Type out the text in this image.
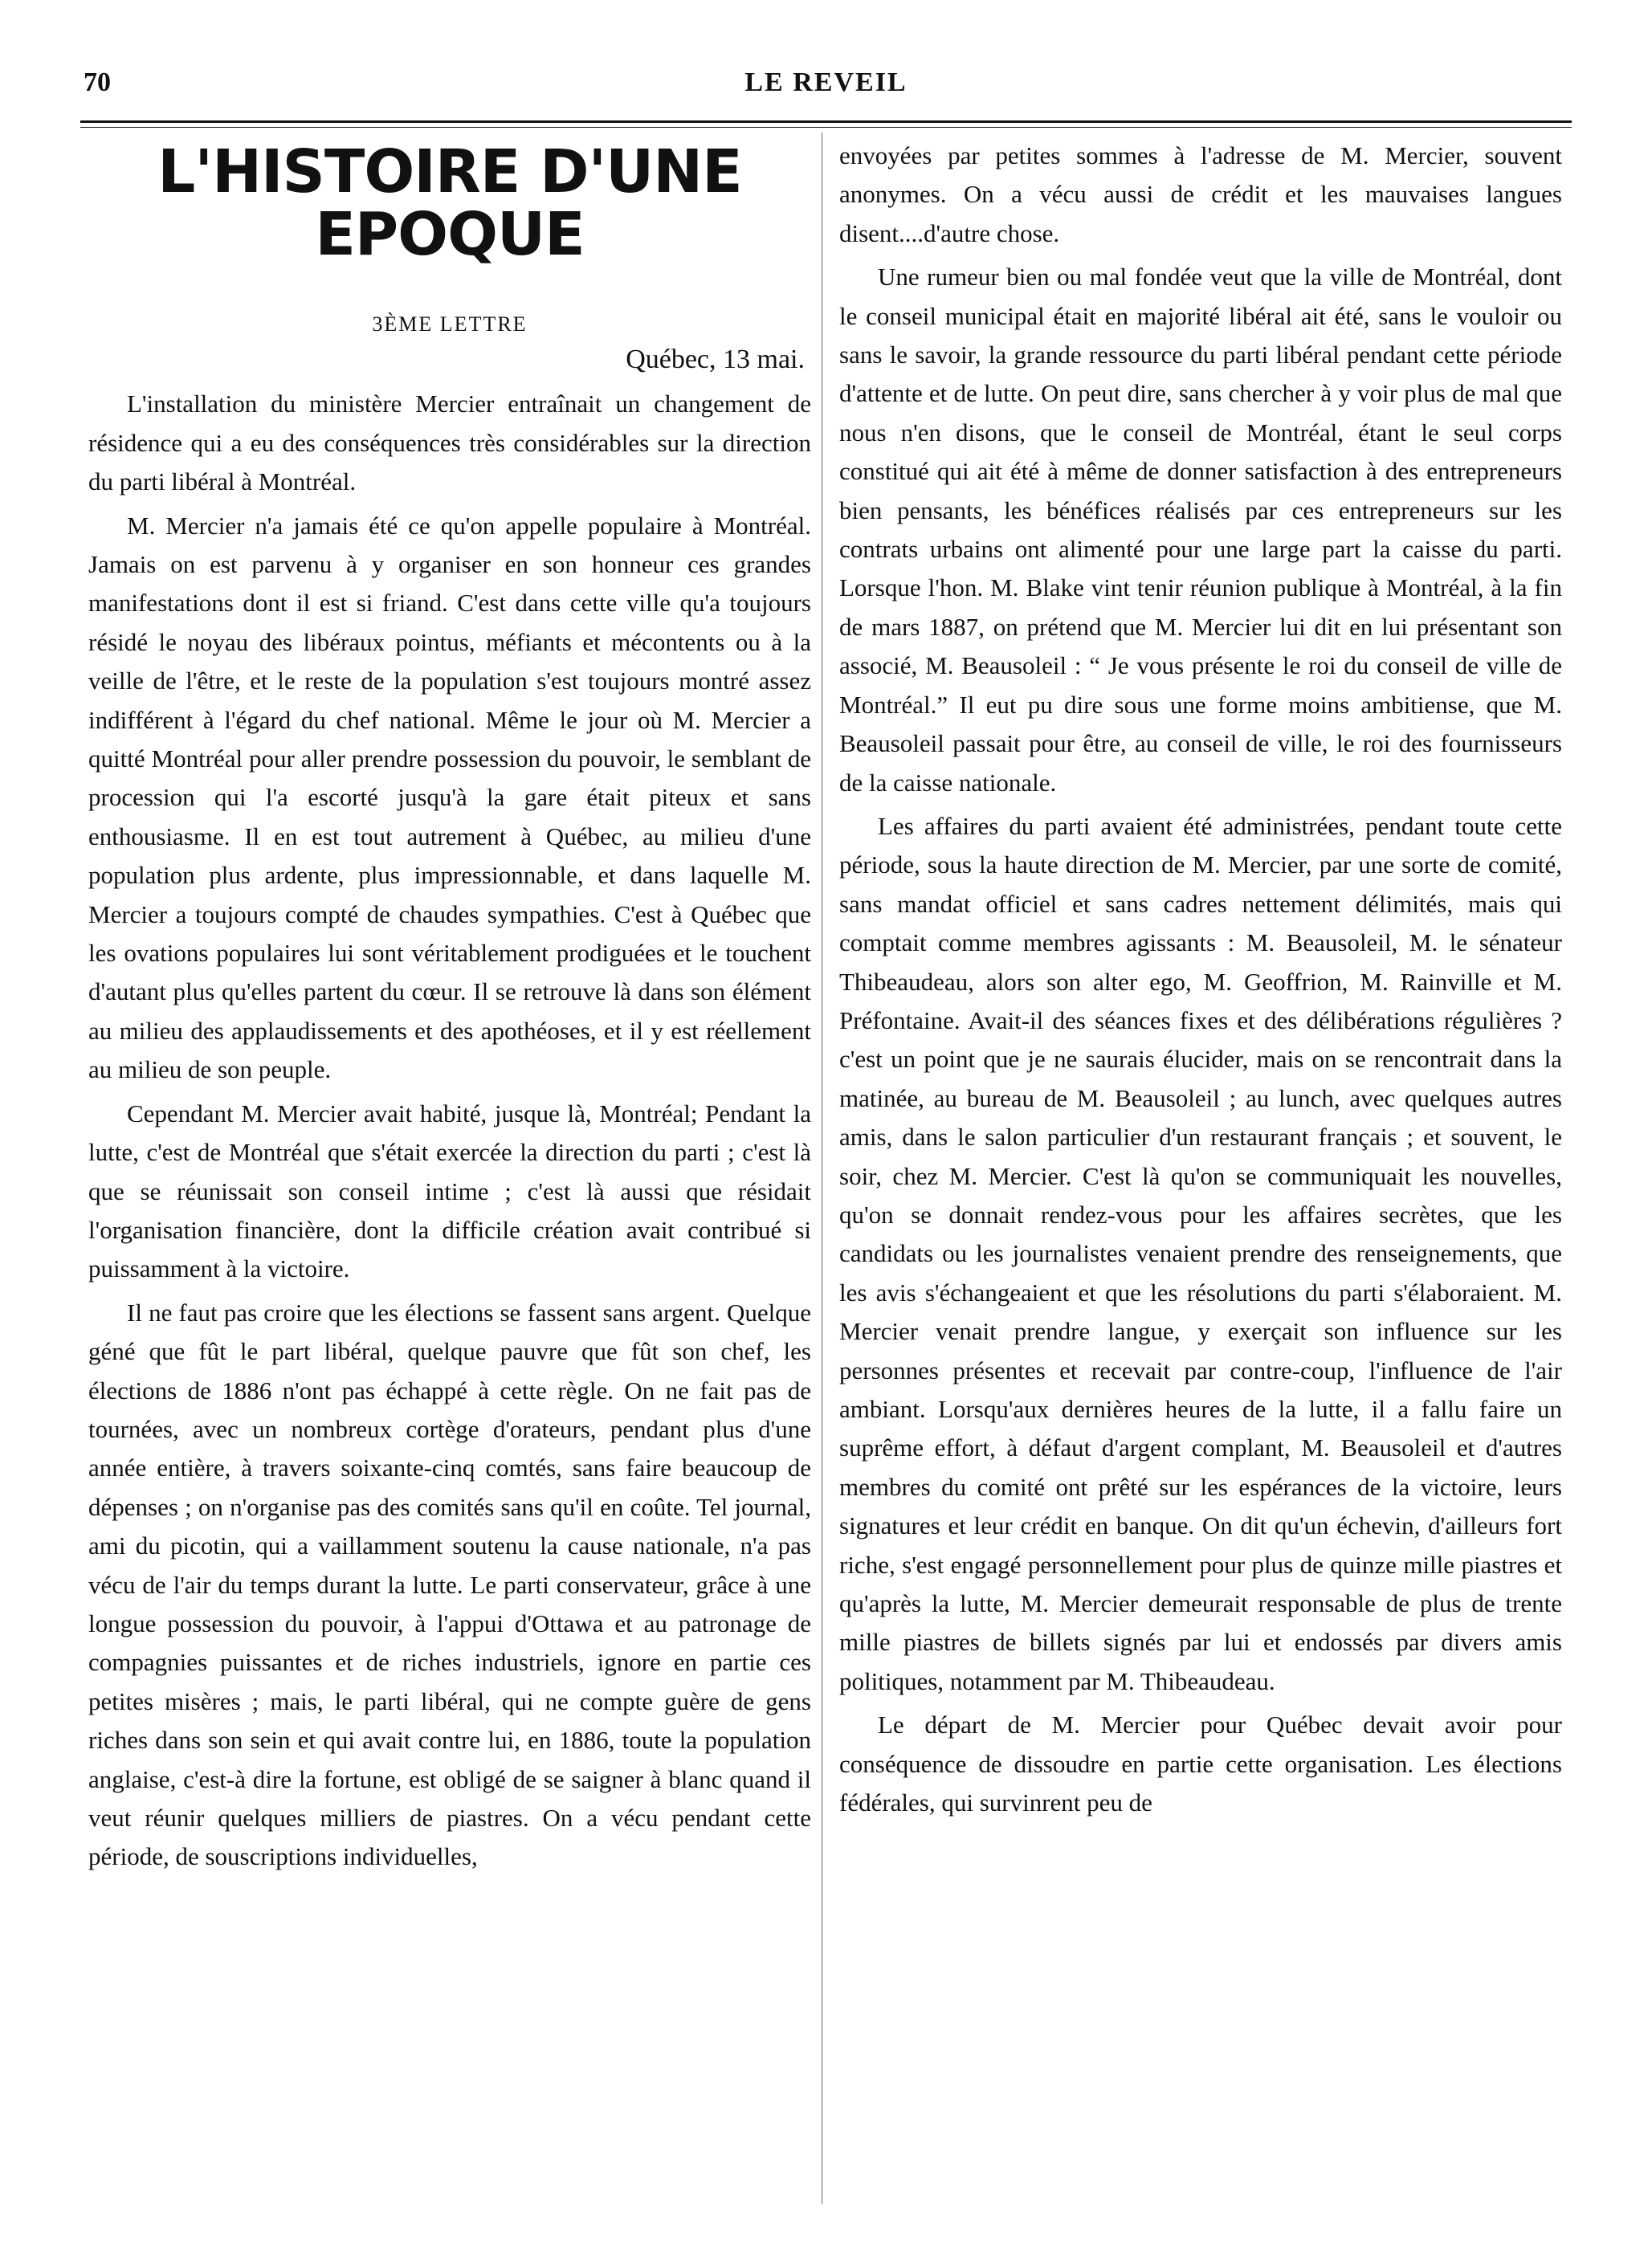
70	LE REVEIL
L'HISTOIRE D'UNE EPOQUE
3ÈME LETTRE
Québec, 13 mai.

L'installation du ministère Mercier entraînait un changement de résidence qui a eu des conséquences très considérables sur la direction du parti libéral à Montréal.

M. Mercier n'a jamais été ce qu'on appelle populaire à Montréal. Jamais on est parvenu à y organiser en son honneur ces grandes manifestations dont il est si friand. C'est dans cette ville qu'a toujours résidé le noyau des libéraux pointus, méfiants et mécontents ou à la veille de l'être, et le reste de la population s'est toujours montré assez indifférent à l'égard du chef national. Même le jour où M. Mercier a quitté Montréal pour aller prendre possession du pouvoir, le semblant de procession qui l'a escorté jusqu'à la gare était piteux et sans enthousiasme. Il en est tout autrement à Québec, au milieu d'une population plus ardente, plus impressionnable, et dans laquelle M. Mercier a toujours compté de chaudes sympathies. C'est à Québec que les ovations populaires lui sont véritablement prodiguées et le touchent d'autant plus qu'elles partent du cœur. Il se retrouve là dans son élément au milieu des applaudissements et des apothéoses, et il y est réellement au milieu de son peuple.

Cependant M. Mercier avait habité, jusque là, Montréal; Pendant la lutte, c'est de Montréal que s'était exercée la direction du parti ; c'est là que se réunissait son conseil intime ; c'est là aussi que résidait l'organisation financière, dont la difficile création avait contribué si puissamment à la victoire.

Il ne faut pas croire que les élections se fassent sans argent. Quelque géné que fût le part libéral, quelque pauvre que fût son chef, les élections de 1886 n'ont pas échappé à cette règle. On ne fait pas de tournées, avec un nombreux cortège d'orateurs, pendant plus d'une année entière, à travers soixante-cinq comtés, sans faire beaucoup de dépenses ; on n'organise pas des comités sans qu'il en coûte. Tel journal, ami du picotin, qui a vaillamment soutenu la cause nationale, n'a pas vécu de l'air du temps durant la lutte. Le parti conservateur, grâce à une longue possession du pouvoir, à l'appui d'Ottawa et au patronage de compagnies puissantes et de riches industriels, ignore en partie ces petites misères ; mais, le parti libéral, qui ne compte guère de gens riches dans son sein et qui avait contre lui, en 1886, toute la population anglaise, c'est-à dire la fortune, est obligé de se saigner à blanc quand il veut réunir quelques milliers de piastres. On a vécu pendant cette période, de souscriptions individuelles,

envoyées par petites sommes à l'adresse de M. Mercier, souvent anonymes. On a vécu aussi de crédit et les mauvaises langues disent....d'autre chose.

Une rumeur bien ou mal fondée veut que la ville de Montréal, dont le conseil municipal était en majorité libéral ait été, sans le vouloir ou sans le savoir, la grande ressource du parti libéral pendant cette période d'attente et de lutte. On peut dire, sans chercher à y voir plus de mal que nous n'en disons, que le conseil de Montréal, étant le seul corps constitué qui ait été à même de donner satisfaction à des entrepreneurs bien pensants, les bénéfices réalisés par ces entrepreneurs sur les contrats urbains ont alimenté pour une large part la caisse du parti. Lorsque l'hon. M. Blake vint tenir réunion publique à Montréal, à la fin de mars 1887, on prétend que M. Mercier lui dit en lui présentant son associé, M. Beausoleil : “ Je vous présente le roi du conseil de ville de Montréal.” Il eut pu dire sous une forme moins ambitiense, que M. Beausoleil passait pour être, au conseil de ville, le roi des fournisseurs de la caisse nationale.

Les affaires du parti avaient été administrées, pendant toute cette période, sous la haute direction de M. Mercier, par une sorte de comité, sans mandat officiel et sans cadres nettement délimités, mais qui comptait comme membres agissants : M. Beausoleil, M. le sénateur Thibeaudeau, alors son alter ego, M. Geoffrion, M. Rainville et M. Préfontaine. Avait-il des séances fixes et des délibérations régulières ? c'est un point que je ne saurais élucider, mais on se rencontrait dans la matinée, au bureau de M. Beausoleil ; au lunch, avec quelques autres amis, dans le salon particulier d'un restaurant français ; et souvent, le soir, chez M. Mercier. C'est là qu'on se communiquait les nouvelles, qu'on se donnait rendez-vous pour les affaires secrètes, que les candidats ou les journalistes venaient prendre des renseignements, que les avis s'échangeaient et que les résolutions du parti s'élaboraient. M. Mercier venait prendre langue, y exerçait son influence sur les personnes présentes et recevait par contre-coup, l'influence de l'air ambiant. Lorsqu'aux dernières heures de la lutte, il a fallu faire un suprême effort, à défaut d'argent complant, M. Beausoleil et d'autres membres du comité ont prêté sur les espérances de la victoire, leurs signatures et leur crédit en banque. On dit qu'un échevin, d'ailleurs fort riche, s'est engagé personnellement pour plus de quinze mille piastres et qu'après la lutte, M. Mercier demeurait responsable de plus de trente mille piastres de billets signés par lui et endossés par divers amis politiques, notamment par M. Thibeaudeau.

Le départ de M. Mercier pour Québec devait avoir pour conséquence de dissoudre en partie cette organisation. Les élections fédérales, qui survinrent peu de
